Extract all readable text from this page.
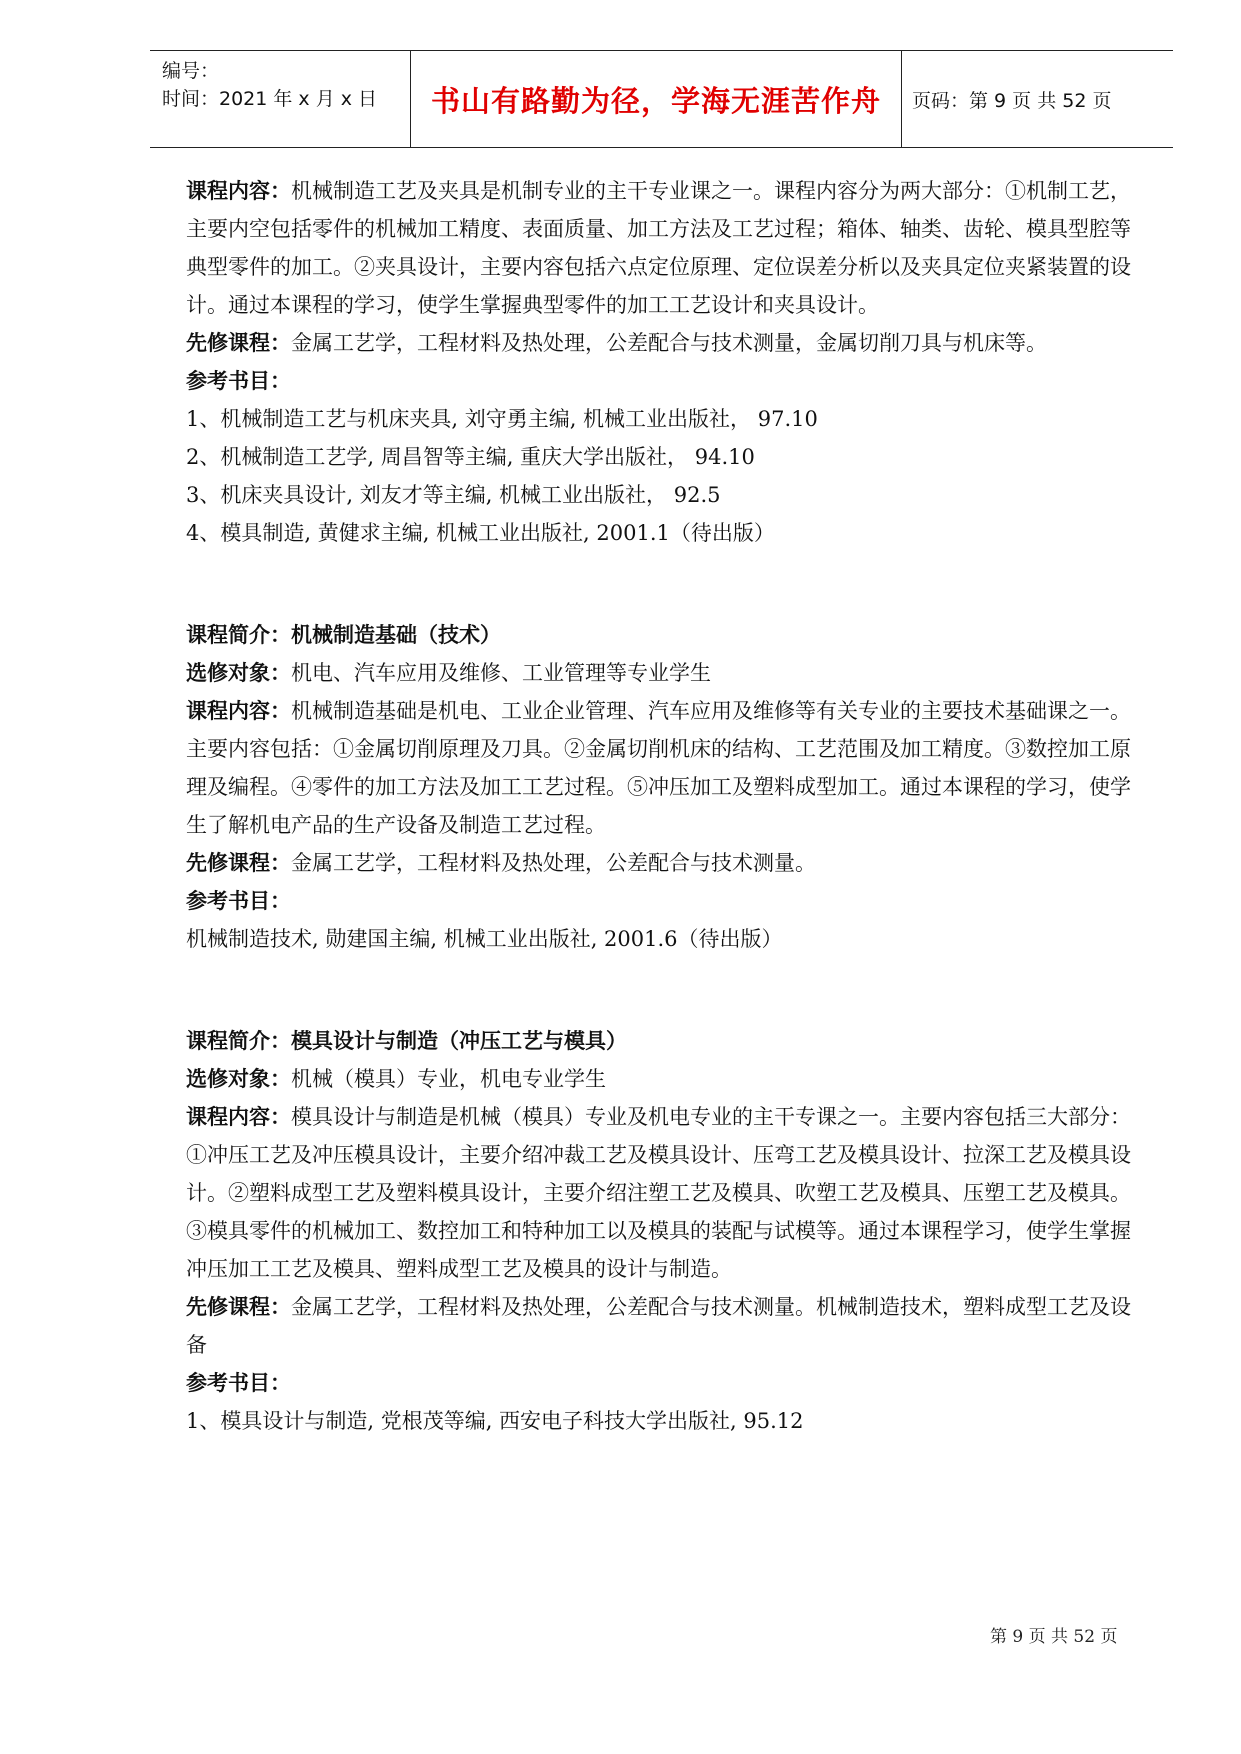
编号：
时间：2021 年 x 月 x 日 书山有路勤为径，学海无涯苦作舟 页码：第 9 页 共 52 页

课程内容：机械制造工艺及夹具是机制专业的主干专业课之一。课程内容分为两大部分：①机制工艺，主要内空包括零件的机械加工精度、表面质量、加工方法及工艺过程；箱体、轴类、齿轮、模具型腔等典型零件的加工。②夹具设计，主要内容包括六点定位原理、定位误差分析以及夹具定位夹紧装置的设计。通过本课程的学习，使学生掌握典型零件的加工工艺设计和夹具设计。

先修课程：金属工艺学，工程材料及热处理，公差配合与技术测量，金属切削刀具与机床等。

参考书目：

1、机械制造工艺与机床夹具, 刘守勇主编, 机械工业出版社， 97.10

2、机械制造工艺学, 周昌智等主编, 重庆大学出版社， 94.10

3、机床夹具设计, 刘友才等主编, 机械工业出版社， 92.5

4、模具制造, 黄健求主编, 机械工业出版社, 2001.1（待出版）

课程简介：机械制造基础（技术）

选修对象：机电、汽车应用及维修、工业管理等专业学生

课程内容：机械制造基础是机电、工业企业管理、汽车应用及维修等有关专业的主要技术基础课之一。主要内容包括：①金属切削原理及刀具。②金属切削机床的结构、工艺范围及加工精度。③数控加工原理及编程。④零件的加工方法及加工工艺过程。⑤冲压加工及塑料成型加工。通过本课程的学习，使学生了解机电产品的生产设备及制造工艺过程。

先修课程：金属工艺学，工程材料及热处理，公差配合与技术测量。

参考书目：

机械制造技术, 勋建国主编, 机械工业出版社, 2001.6（待出版）

课程简介：模具设计与制造（冲压工艺与模具）

选修对象：机械（模具）专业，机电专业学生

课程内容：模具设计与制造是机械（模具）专业及机电专业的主干专课之一。主要内容包括三大部分：①冲压工艺及冲压模具设计，主要介绍冲裁工艺及模具设计、压弯工艺及模具设计、拉深工艺及模具设计。②塑料成型工艺及塑料模具设计，主要介绍注塑工艺及模具、吹塑工艺及模具、压塑工艺及模具。③模具零件的机械加工、数控加工和特种加工以及模具的装配与试模等。通过本课程学习，使学生掌握冲压加工工艺及模具、塑料成型工艺及模具的设计与制造。

先修课程：金属工艺学，工程材料及热处理，公差配合与技术测量。机械制造技术，塑料成型工艺及设备

参考书目：

1、模具设计与制造, 党根茂等编, 西安电子科技大学出版社, 95.12

第 9 页 共 52 页
